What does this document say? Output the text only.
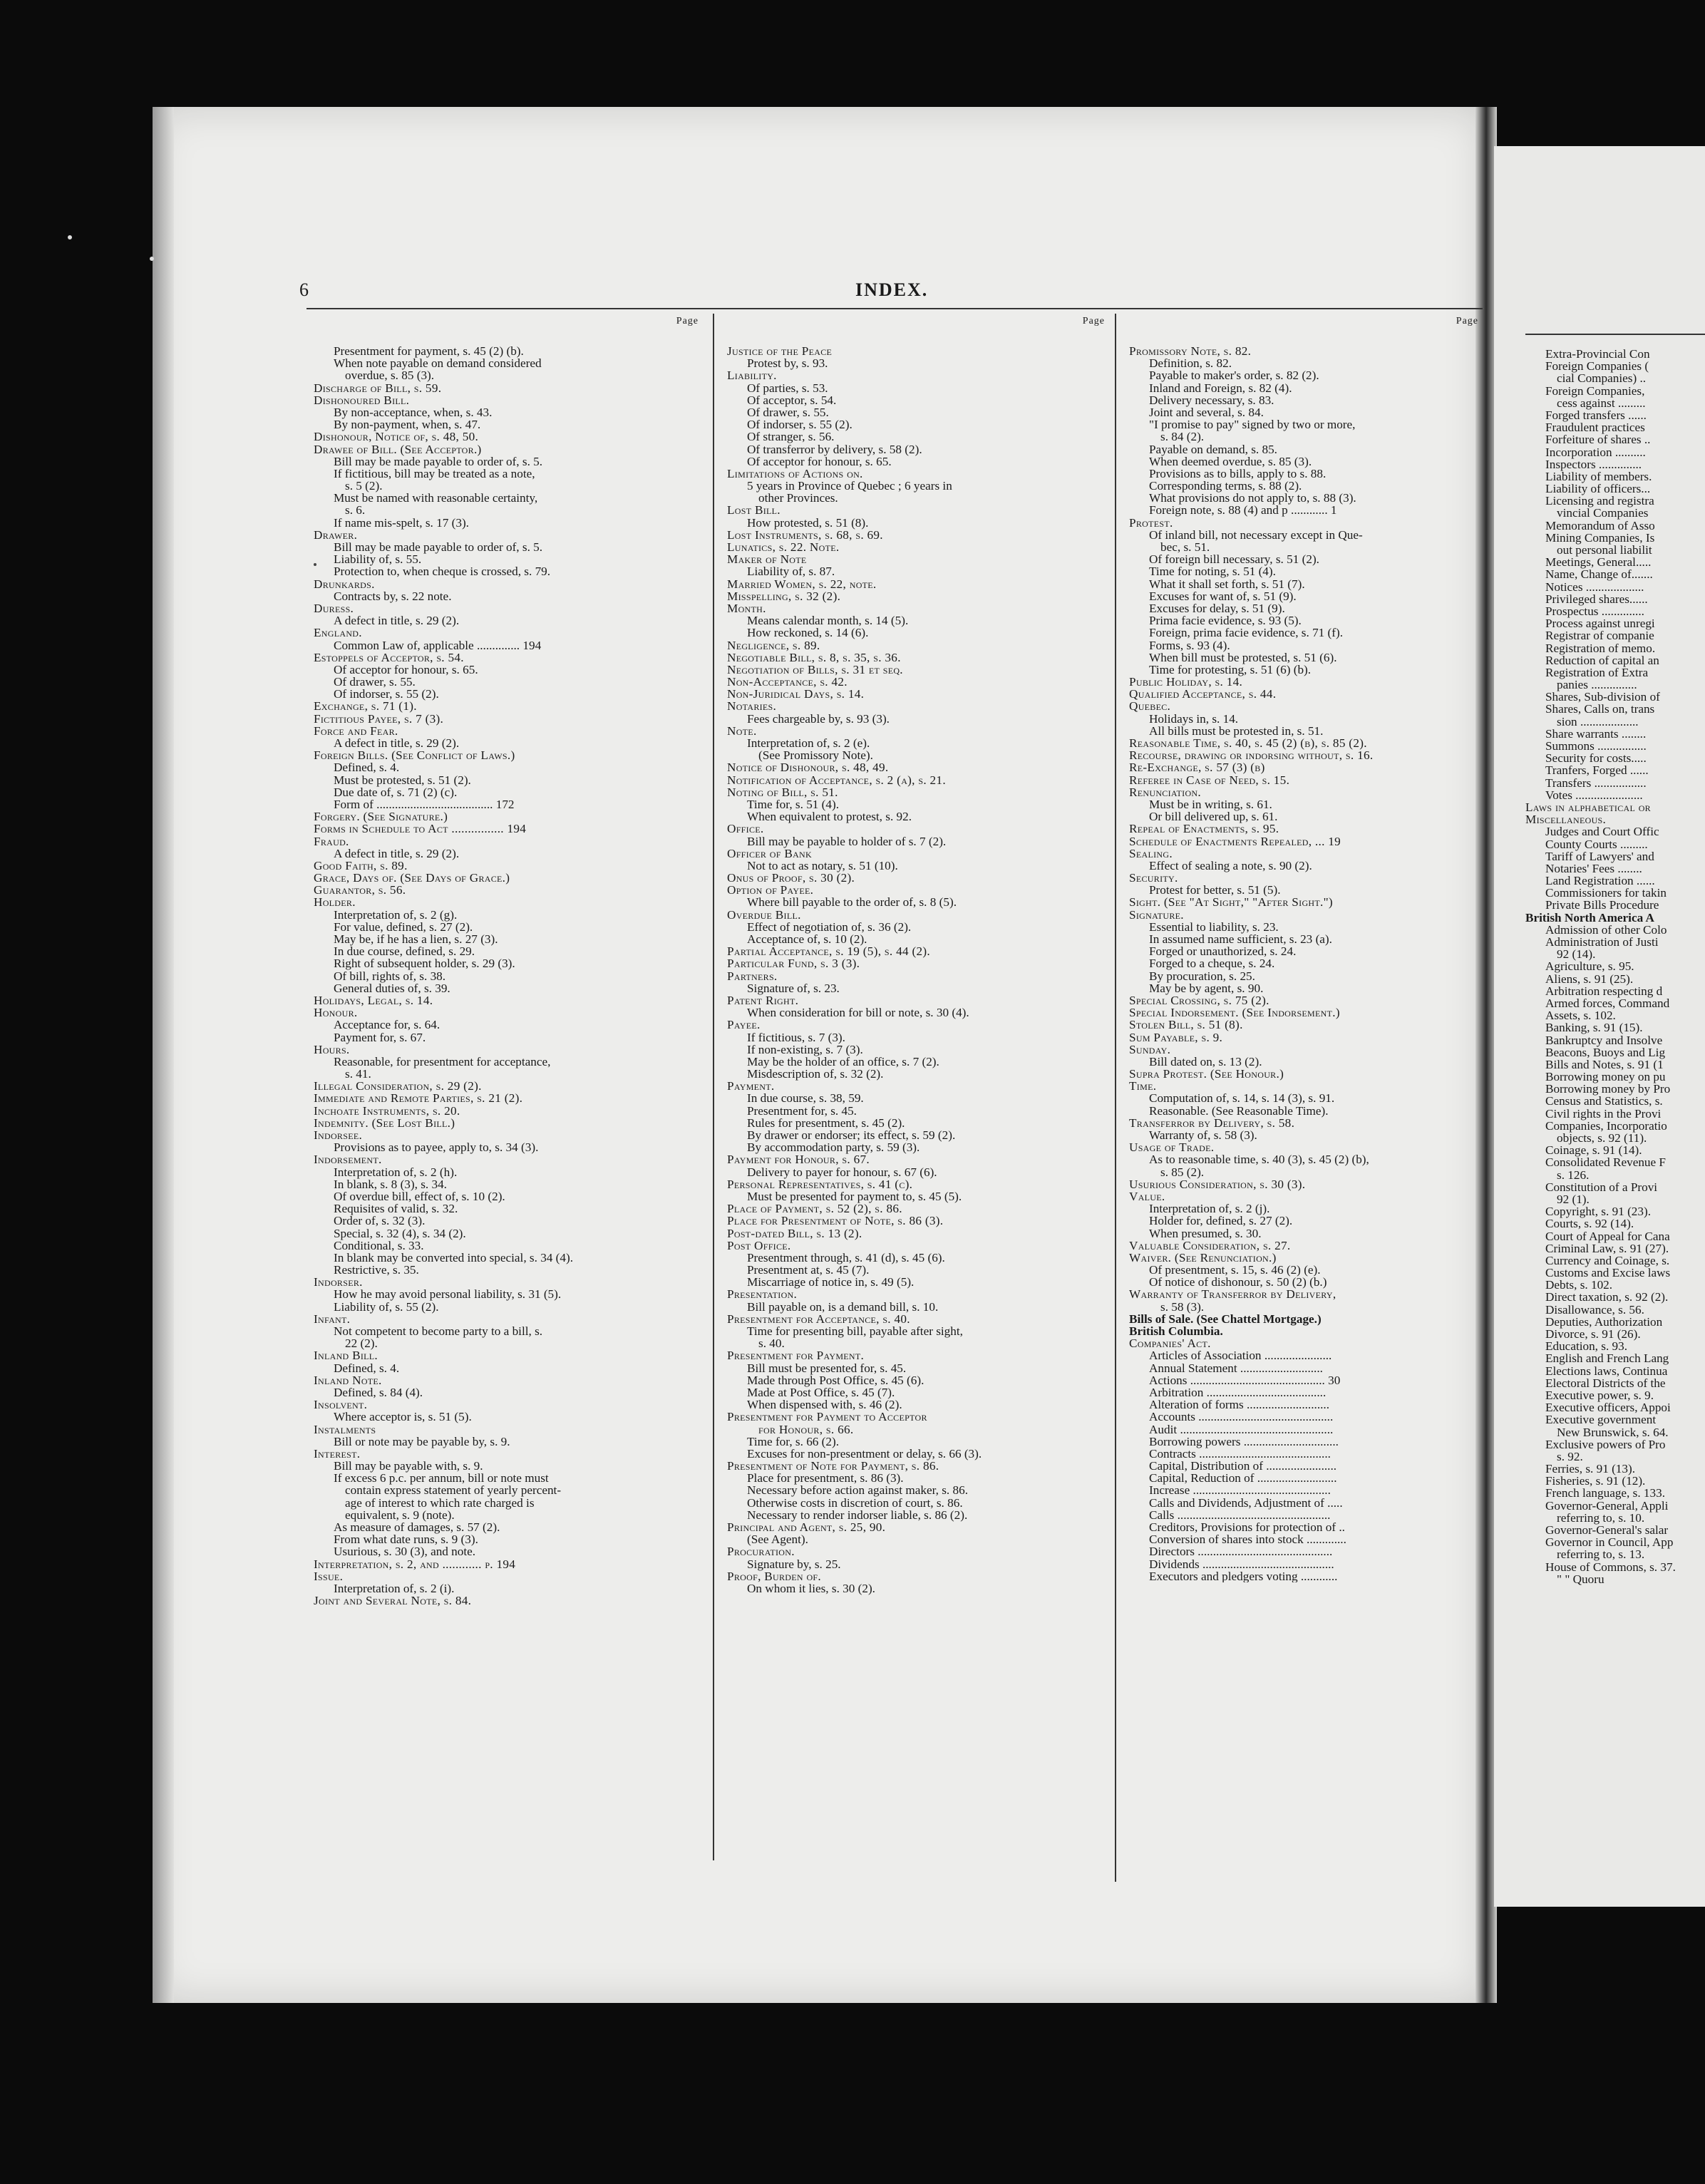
6	INDEX.
Page	Page	Page
Presentment for payment, s. 45 (2) (b).
When note payable on demand considered
overdue, s. 85 (3).
Discharge of Bill, s. 59.
Dishonoured Bill.
By non-acceptance, when, s. 43.
By non-payment, when, s. 47.
Dishonour, Notice of, s. 48, 50.
Drawee of Bill. (See Acceptor.)
Bill may be made payable to order of, s. 5.
If fictitious, bill may be treated as a note,
s. 5 (2).
Must be named with reasonable certainty,
s. 6.
If name mis-spelt, s. 17 (3).
Drawer.
Bill may be made payable to order of, s. 5.
Liability of, s. 55.
Protection to, when cheque is crossed, s. 79.
Drunkards.
Contracts by, s. 22 note.
Duress.
A defect in title, s. 29 (2).
England.
Common Law of, applicable .............. 194
Estoppels of Acceptor, s. 54.
Of acceptor for honour, s. 65.
Of drawer, s. 55.
Of indorser, s. 55 (2).
Exchange, s. 71 (1).
Fictitious Payee, s. 7 (3).
Force and Fear.
A defect in title, s. 29 (2).
Foreign Bills. (See Conflict of Laws.)
Defined, s. 4.
Must be protested, s. 51 (2).
Due date of, s. 71 (2) (c).
Form of ...................................... 172
Forgery. (See Signature.)
Forms in Schedule to Act ................ 194
Fraud.
A defect in title, s. 29 (2).
Good Faith, s. 89.
Grace, Days of. (See Days of Grace.)
Guarantor, s. 56.
Holder.
Interpretation of, s. 2 (g).
For value, defined, s. 27 (2).
May be, if he has a lien, s. 27 (3).
In due course, defined, s. 29.
Right of subsequent holder, s. 29 (3).
Of bill, rights of, s. 38.
General duties of, s. 39.
Holidays, Legal, s. 14.
Honour.
Acceptance for, s. 64.
Payment for, s. 67.
Hours.
Reasonable, for presentment for acceptance,
s. 41.
Illegal Consideration, s. 29 (2).
Immediate and Remote Parties, s. 21 (2).
Inchoate Instruments, s. 20.
Indemnity. (See Lost Bill.)
Indorsee.
Provisions as to payee, apply to, s. 34 (3).
Indorsement.
Interpretation of, s. 2 (h).
In blank, s. 8 (3), s. 34.
Of overdue bill, effect of, s. 10 (2).
Requisites of valid, s. 32.
Order of, s. 32 (3).
Special, s. 32 (4), s. 34 (2).
Conditional, s. 33.
In blank may be converted into special, s. 34 (4).
Restrictive, s. 35.
Indorser.
How he may avoid personal liability, s. 31 (5).
Liability of, s. 55 (2).
Infant.
Not competent to become party to a bill, s.
22 (2).
Inland Bill.
Defined, s. 4.
Inland Note.
Defined, s. 84 (4).
Insolvent.
Where acceptor is, s. 51 (5).
Instalments
Bill or note may be payable by, s. 9.
Interest.
Bill may be payable with, s. 9.
If excess 6 p.c. per annum, bill or note must
contain express statement of yearly percent-
age of interest to which rate charged is
equivalent, s. 9 (note).
As measure of damages, s. 57 (2).
From what date runs, s. 9 (3).
Usurious, s. 30 (3), and note.
Interpretation, s. 2, and ............ p. 194
Issue.
Interpretation of, s. 2 (i).
Joint and Several Note, s. 84.
Justice of the Peace
Protest by, s. 93.
Liability.
Of parties, s. 53.
Of acceptor, s. 54.
Of drawer, s. 55.
Of indorser, s. 55 (2).
Of stranger, s. 56.
Of transferror by delivery, s. 58 (2).
Of acceptor for honour, s. 65.
Limitations of Actions on.
5 years in Province of Quebec ; 6 years in
other Provinces.
Lost Bill.
How protested, s. 51 (8).
Lost Instruments, s. 68, s. 69.
Lunatics, s. 22. Note.
Maker of Note
Liability of, s. 87.
Married Women, s. 22, note.
Misspelling, s. 32 (2).
Month.
Means calendar month, s. 14 (5).
How reckoned, s. 14 (6).
Negligence, s. 89.
Negotiable Bill, s. 8, s. 35, s. 36.
Negotiation of Bills, s. 31 et seq.
Non-Acceptance, s. 42.
Non-Juridical Days, s. 14.
Notaries.
Fees chargeable by, s. 93 (3).
Note.
Interpretation of, s. 2 (e).
(See Promissory Note).
Notice of Dishonour, s. 48, 49.
Notification of Acceptance, s. 2 (a), s. 21.
Noting of Bill, s. 51.
Time for, s. 51 (4).
When equivalent to protest, s. 92.
Office.
Bill may be payable to holder of s. 7 (2).
Officer of Bank
Not to act as notary, s. 51 (10).
Onus of Proof, s. 30 (2).
Option of Payee.
Where bill payable to the order of, s. 8 (5).
Overdue Bill.
Effect of negotiation of, s. 36 (2).
Acceptance of, s. 10 (2).
Partial Acceptance, s. 19 (5), s. 44 (2).
Particular Fund, s. 3 (3).
Partners.
Signature of, s. 23.
Patent Right.
When consideration for bill or note, s. 30 (4).
Payee.
If fictitious, s. 7 (3).
If non-existing, s. 7 (3).
May be the holder of an office, s. 7 (2).
Misdescription of, s. 32 (2).
Payment.
In due course, s. 38, 59.
Presentment for, s. 45.
Rules for presentment, s. 45 (2).
By drawer or endorser; its effect, s. 59 (2).
By accommodation party, s. 59 (3).
Payment for Honour, s. 67.
Delivery to payer for honour, s. 67 (6).
Personal Representatives, s. 41 (c).
Must be presented for payment to, s. 45 (5).
Place of Payment, s. 52 (2), s. 86.
Place for Presentment of Note, s. 86 (3).
Post-dated Bill, s. 13 (2).
Post Office.
Presentment through, s. 41 (d), s. 45 (6).
Presentment at, s. 45 (7).
Miscarriage of notice in, s. 49 (5).
Presentation.
Bill payable on, is a demand bill, s. 10.
Presentment for Acceptance, s. 40.
Time for presenting bill, payable after sight,
s. 40.
Presentment for Payment.
Bill must be presented for, s. 45.
Made through Post Office, s. 45 (6).
Made at Post Office, s. 45 (7).
When dispensed with, s. 46 (2).
Presentment for Payment to Acceptor
for Honour, s. 66.
Time for, s. 66 (2).
Excuses for non-presentment or delay, s. 66 (3).
Presentment of Note for Payment, s. 86.
Place for presentment, s. 86 (3).
Necessary before action against maker, s. 86.
Otherwise costs in discretion of court, s. 86.
Necessary to render indorser liable, s. 86 (2).
Principal and Agent, s. 25, 90.
(See Agent).
Procuration.
Signature by, s. 25.
Proof, Burden of.
On whom it lies, s. 30 (2).
Promissory Note, s. 82.
Definition, s. 82.
Payable to maker's order, s. 82 (2).
Inland and Foreign, s. 82 (4).
Delivery necessary, s. 83.
Joint and several, s. 84.
"I promise to pay" signed by two or more,
s. 84 (2).
Payable on demand, s. 85.
When deemed overdue, s. 85 (3).
Provisions as to bills, apply to s. 88.
Corresponding terms, s. 88 (2).
What provisions do not apply to, s. 88 (3).
Foreign note, s. 88 (4) and p ............ 1
Protest.
Of inland bill, not necessary except in Que-
bec, s. 51.
Of foreign bill necessary, s. 51 (2).
Time for noting, s. 51 (4).
What it shall set forth, s. 51 (7).
Excuses for want of, s. 51 (9).
Excuses for delay, s. 51 (9).
Prima facie evidence, s. 93 (5).
Foreign, prima facie evidence, s. 71 (f).
Forms, s. 93 (4).
When bill must be protested, s. 51 (6).
Time for protesting, s. 51 (6) (b).
Public Holiday, s. 14.
Qualified Acceptance, s. 44.
Quebec.
Holidays in, s. 14.
All bills must be protested in, s. 51.
Reasonable Time, s. 40, s. 45 (2) (b), s. 85 (2).
Recourse, drawing or indorsing without, s. 16.
Re-Exchange, s. 57 (3) (b)
Referee in Case of Need, s. 15.
Renunciation.
Must be in writing, s. 61.
Or bill delivered up, s. 61.
Repeal of Enactments, s. 95.
Schedule of Enactments Repealed, ... 19
Sealing.
Effect of sealing a note, s. 90 (2).
Security.
Protest for better, s. 51 (5).
Sight. (See "At Sight," "After Sight.")
Signature.
Essential to liability, s. 23.
In assumed name sufficient, s. 23 (a).
Forged or unauthorized, s. 24.
Forged to a cheque, s. 24.
By procuration, s. 25.
May be by agent, s. 90.
Special Crossing, s. 75 (2).
Special Indorsement. (See Indorsement.)
Stolen Bill, s. 51 (8).
Sum Payable, s. 9.
Sunday.
Bill dated on, s. 13 (2).
Supra Protest. (See Honour.)
Time.
Computation of, s. 14, s. 14 (3), s. 91.
Reasonable. (See Reasonable Time).
Transferror by Delivery, s. 58.
Warranty of, s. 58 (3).
Usage of Trade.
As to reasonable time, s. 40 (3), s. 45 (2) (b),
s. 85 (2).
Usurious Consideration, s. 30 (3).
Value.
Interpretation of, s. 2 (j).
Holder for, defined, s. 27 (2).
When presumed, s. 30.
Valuable Consideration, s. 27.
Waiver. (See Renunciation.)
Of presentment, s. 15, s. 46 (2) (e).
Of notice of dishonour, s. 50 (2) (b.)
Warranty of Transferror by Delivery,
s. 58 (3).
Bills of Sale. (See Chattel Mortgage.)
British Columbia.
Companies' Act.
Articles of Association ......................
Annual Statement ...........................
Actions ............................................ 30
Arbitration .......................................
Alteration of forms ...........................
Accounts ............................................
Audit ..................................................
Borrowing powers ...............................
Contracts ...........................................
Capital, Distribution of .......................
Capital, Reduction of ..........................
Increase .............................................
Calls and Dividends, Adjustment of .....
Calls ..................................................
Creditors, Provisions for protection of ..
Conversion of shares into stock .............
Directors ............................................
Dividends ...........................................
Executors and pledgers voting ............
Extra-Provincial Con
Foreign Companies (
cial Companies) ..
Foreign Companies,
cess against .........
Forged transfers ......
Fraudulent practices
Forfeiture of shares ..
Incorporation ..........
Inspectors ..............
Liability of members.
Liability of officers...
Licensing and registra
vincial Companies
Memorandum of Asso
Mining Companies, Is
out personal liabilit
Meetings, General.....
Name, Change of.......
Notices ...................
Privileged shares......
Prospectus ..............
Process against unregi
Registrar of companie
Registration of memo.
Reduction of capital an
Registration of Extra
panies ...............
Shares, Sub-division of
Shares, Calls on, trans
sion ...................
Share warrants ........
Summons ................
Security for costs.....
Tranfers, Forged ......
Transfers .................
Votes ......................
Laws in alphabetical or
Miscellaneous.
Judges and Court Offic
County Courts .........
Tariff of Lawyers' and
Notaries' Fees ........
Land Registration ......
Commissioners for takin
Private Bills Procedure
British North America A
Admission of other Colo
Administration of Justi
92 (14).
Agriculture, s. 95.
Aliens, s. 91 (25).
Arbitration respecting d
Armed forces, Command
Assets, s. 102.
Banking, s. 91 (15).
Bankruptcy and Insolve
Beacons, Buoys and Lig
Bills and Notes, s. 91 (1
Borrowing money on pu
Borrowing money by Pro
Census and Statistics, s.
Civil rights in the Provi
Companies, Incorporatio
objects, s. 92 (11).
Coinage, s. 91 (14).
Consolidated Revenue F
s. 126.
Constitution of a Provi
92 (1).
Copyright, s. 91 (23).
Courts, s. 92 (14).
Court of Appeal for Cana
Criminal Law, s. 91 (27).
Currency and Coinage, s.
Customs and Excise laws
Debts, s. 102.
Direct taxation, s. 92 (2).
Disallowance, s. 56.
Deputies, Authorization
Divorce, s. 91 (26).
Education, s. 93.
English and French Lang
Elections laws, Continua
Electoral Districts of the
Executive power, s. 9.
Executive officers, Appoi
Executive government
New Brunswick, s. 64.
Exclusive powers of Pro
s. 92.
Ferries, s. 91 (13).
Fisheries, s. 91 (12).
French language, s. 133.
Governor-General, Appli
referring to, s. 10.
Governor-General's salar
Governor in Council, App
referring to, s. 13.
House of Commons, s. 37.
" " Quoru
